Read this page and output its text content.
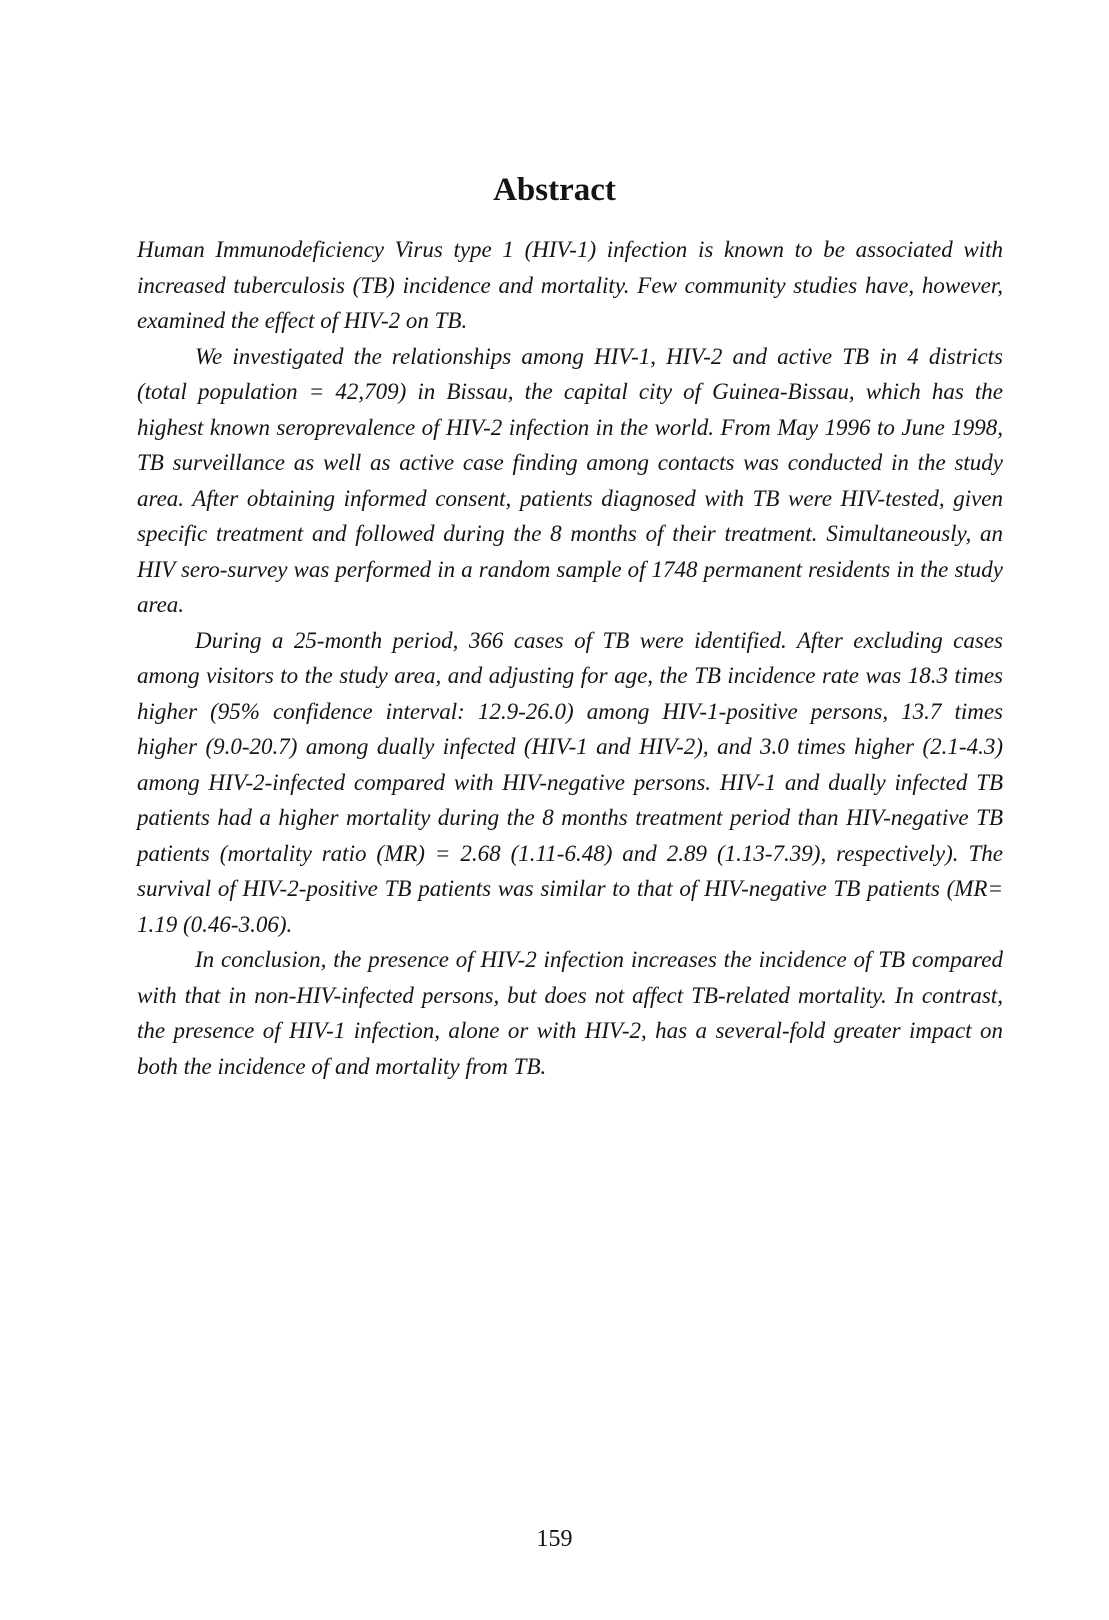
Abstract

Human Immunodeficiency Virus type 1 (HIV-1) infection is known to be associated with increased tuberculosis (TB) incidence and mortality. Few community studies have, however, examined the effect of HIV-2 on TB.

We investigated the relationships among HIV-1, HIV-2 and active TB in 4 districts (total population = 42,709) in Bissau, the capital city of Guinea-Bissau, which has the highest known seroprevalence of HIV-2 infection in the world. From May 1996 to June 1998, TB surveillance as well as active case finding among contacts was conducted in the study area. After obtaining informed consent, patients diagnosed with TB were HIV-tested, given specific treatment and followed during the 8 months of their treatment. Simultaneously, an HIV sero-survey was performed in a random sample of 1748 permanent residents in the study area.

During a 25-month period, 366 cases of TB were identified. After excluding cases among visitors to the study area, and adjusting for age, the TB incidence rate was 18.3 times higher (95% confidence interval: 12.9-26.0) among HIV-1-positive persons, 13.7 times higher (9.0-20.7) among dually infected (HIV-1 and HIV-2), and 3.0 times higher (2.1-4.3) among HIV-2-infected compared with HIV-negative persons. HIV-1 and dually infected TB patients had a higher mortality during the 8 months treatment period than HIV-negative TB patients (mortality ratio (MR) = 2.68 (1.11-6.48) and 2.89 (1.13-7.39), respectively). The survival of HIV-2-positive TB patients was similar to that of HIV-negative TB patients (MR= 1.19 (0.46-3.06).

In conclusion, the presence of HIV-2 infection increases the incidence of TB compared with that in non-HIV-infected persons, but does not affect TB-related mortality. In contrast, the presence of HIV-1 infection, alone or with HIV-2, has a several-fold greater impact on both the incidence of and mortality from TB.

159
